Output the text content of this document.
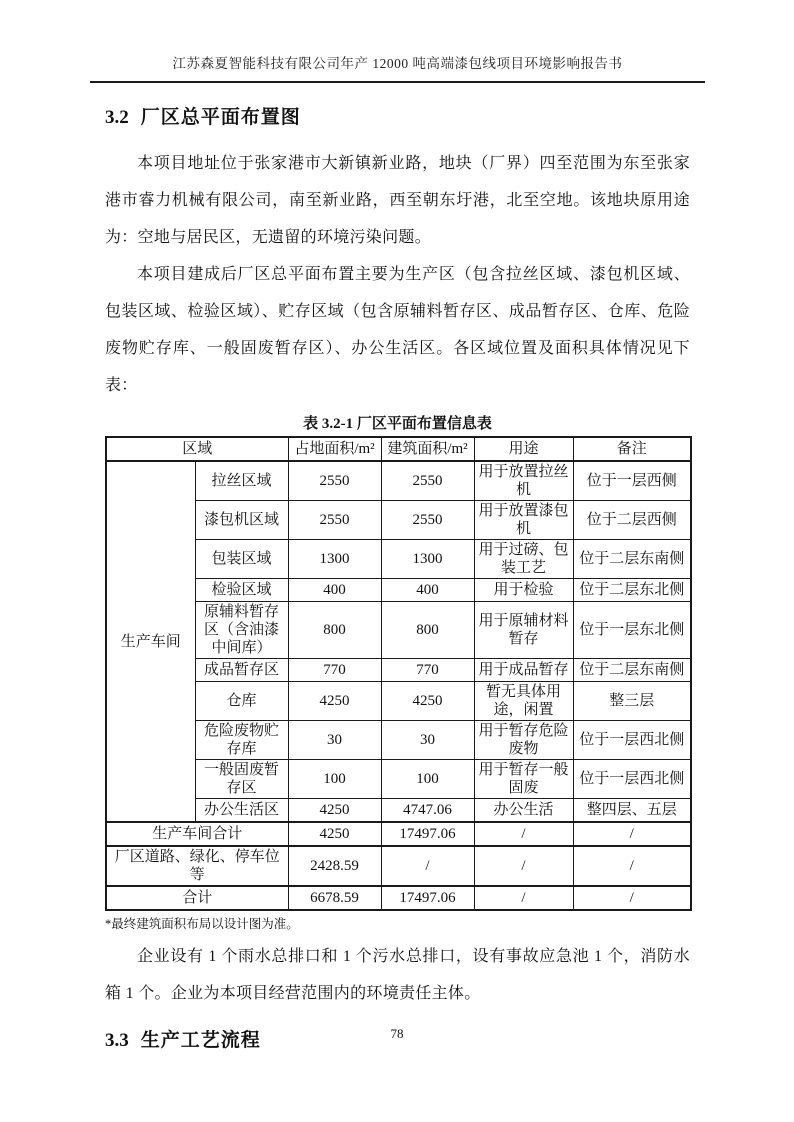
江苏森夏智能科技有限公司年产 12000 吨高端漆包线项目环境影响报告书
3.2 厂区总平面布置图

本项目地址位于张家港市大新镇新业路，地块（厂界）四至范围为东至张家港市睿力机械有限公司，南至新业路，西至朝东圩港，北至空地。该地块原用途为：空地与居民区，无遗留的环境污染问题。

本项目建成后厂区总平面布置主要为生产区（包含拉丝区域、漆包机区域、包装区域、检验区域）、贮存区域（包含原辅料暂存区、成品暂存区、仓库、危险废物贮存库、一般固废暂存区）、办公生活区。各区域位置及面积具体情况见下表：

表 3.2-1 厂区平面布置信息表
区域		占地面积/m²	建筑面积/m²	用途	备注
生产车间	拉丝区域	2550	2550	用于放置拉丝机	位于一层西侧
	漆包机区域	2550	2550	用于放置漆包机	位于二层西侧
	包装区域	1300	1300	用于过磅、包装工艺	位于二层东南侧
	检验区域	400	400	用于检验	位于二层东北侧
	原辅料暂存区（含油漆中间库）	800	800	用于原辅材料暂存	位于一层东北侧
	成品暂存区	770	770	用于成品暂存	位于二层东南侧
	仓库	4250	4250	暂无具体用途，闲置	整三层
	危险废物贮存库	30	30	用于暂存危险废物	位于一层西北侧
	一般固废暂存区	100	100	用于暂存一般固废	位于一层西北侧
	办公生活区	4250	4747.06	办公生活	整四层、五层
生产车间合计		4250	17497.06	/	/
厂区道路、绿化、停车位等		2428.59	/	/	/
合计		6678.59	17497.06	/	/
*最终建筑面积布局以设计图为准。

企业设有 1 个雨水总排口和 1 个污水总排口，设有事故应急池 1 个，消防水箱 1 个。企业为本项目经营范围内的环境责任主体。

3.3 生产工艺流程	78
